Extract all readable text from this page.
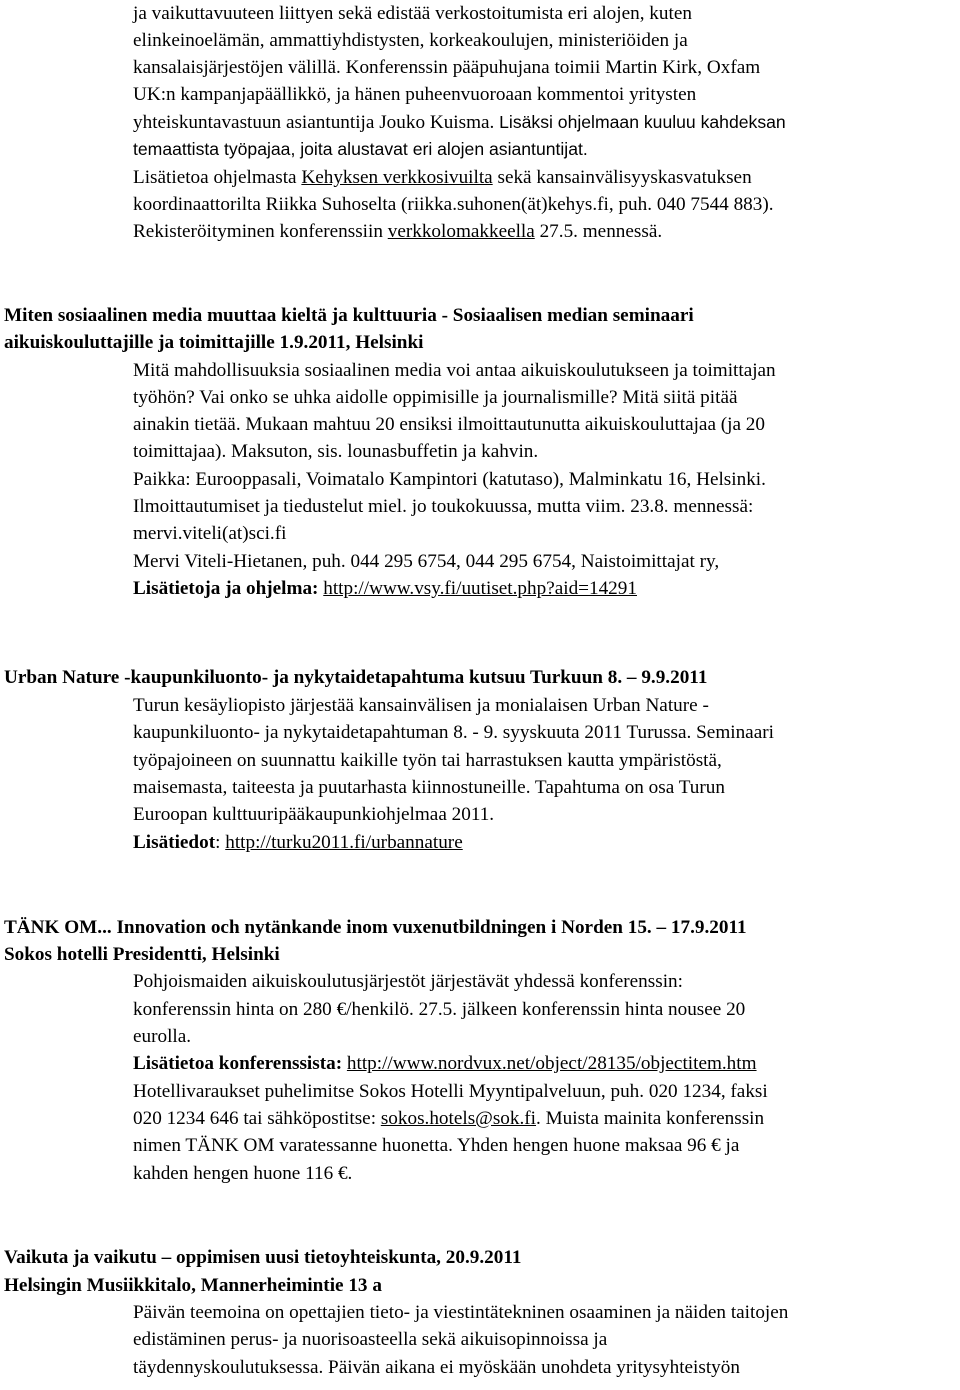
ja vaikuttavuuteen liittyen sekä edistää verkostoitumista eri alojen, kuten
elinkeinoelämän, ammattiyhdistysten, korkeakoulujen, ministeriöiden ja
kansalaisjärjestöjen välillä. Konferenssin pääpuhujana toimii Martin Kirk, Oxfam
UK:n kampanjapäällikkö, ja hänen puheenvuoroaan kommentoi yritysten
yhteiskuntavastuun asiantuntija Jouko Kuisma. Lisäksi ohjelmaan kuuluu kahdeksan
temaattista työpajaa, joita alustavat eri alojen asiantuntijat.
Lisätietoa ohjelmasta Kehyksen verkkosivuilta sekä kansainvälisyyskasvatuksen
koordinaattorilta Riikka Suhoselta (riikka.suhonen(ät)kehys.fi, puh. 040 7544 883).
Rekisteröityminen konferenssiin verkkolomakkeella 27.5. mennessä.
Miten sosiaalinen media muuttaa kieltä ja kulttuuria - Sosiaalisen median seminaari
aikuiskouluttajille ja toimittajille 1.9.2011, Helsinki
Mitä mahdollisuuksia sosiaalinen media voi antaa aikuiskoulutukseen ja toimittajan
työhön? Vai onko se uhka aidolle oppimisille ja journalismille? Mitä siitä pitää
ainakin tietää. Mukaan mahtuu 20 ensiksi ilmoittautunutta aikuiskouluttajaa (ja 20
toimittajaa). Maksuton, sis. lounasbuffetin ja kahvin.
Paikka: Eurooppasali, Voimatalo Kampintori (katutaso), Malminkatu 16, Helsinki.
Ilmoittautumiset ja tiedustelut miel. jo toukokuussa, mutta viim. 23.8. mennessä:
mervi.viteli(at)sci.fi
Mervi Viteli-Hietanen, puh. 044 295 6754, 044 295 6754, Naistoimittajat ry,
Lisätietoja ja ohjelma: http://www.vsy.fi/uutiset.php?aid=14291
Urban Nature -kaupunkiluonto- ja nykytaidetapahtuma kutsuu Turkuun 8. – 9.9.2011
Turun kesäyliopisto järjestää kansainvälisen ja monialaisen Urban Nature -
kaupunkiluonto- ja nykytaidetapahtuman 8. - 9. syyskuuta 2011 Turussa. Seminaari
työpajoineen on suunnattu kaikille työn tai harrastuksen kautta ympäristöstä,
maisemasta, taiteesta ja puutarhasta kiinnostuneille. Tapahtuma on osa Turun
Euroopan kulttuuripääkaupunkiohjelmaa 2011.
Lisätiedot: http://turku2011.fi/urbannature
TÄNK OM... Innovation och nytänkande inom vuxenutbildningen i Norden 15. – 17.9.2011
Sokos hotelli Presidentti, Helsinki
Pohjoismaiden aikuiskoulutusjärjestöt järjestävät yhdessä konferenssin:
konferenssin hinta on 280 €/henkilö. 27.5. jälkeen konferenssin hinta nousee 20
eurolla.
Lisätietoa konferenssista: http://www.nordvux.net/object/28135/objectitem.htm
Hotellivaraukset puhelimitse Sokos Hotelli Myyntipalveluun, puh. 020 1234, faksi
020 1234 646 tai sähköpostitse: sokos.hotels@sok.fi. Muista mainita konferenssin
nimen TÄNK OM varatessanne huonetta. Yhden hengen huone maksaa 96 € ja
kahden hengen huone 116 €.
Vaikuta ja vaikutu – oppimisen uusi tietoyhteiskunta, 20.9.2011
Helsingin Musiikkitalo, Mannerheimintie 13 a
Päivän teemoina on opettajien tieto- ja viestintätekninen osaaminen ja näiden taitojen
edistäminen perus- ja nuorisoasteella sekä aikuisopinnoissa ja
täydennyskoulutuksessa. Päivän aikana ei myöskään unohdeta yritysyhteistyön
